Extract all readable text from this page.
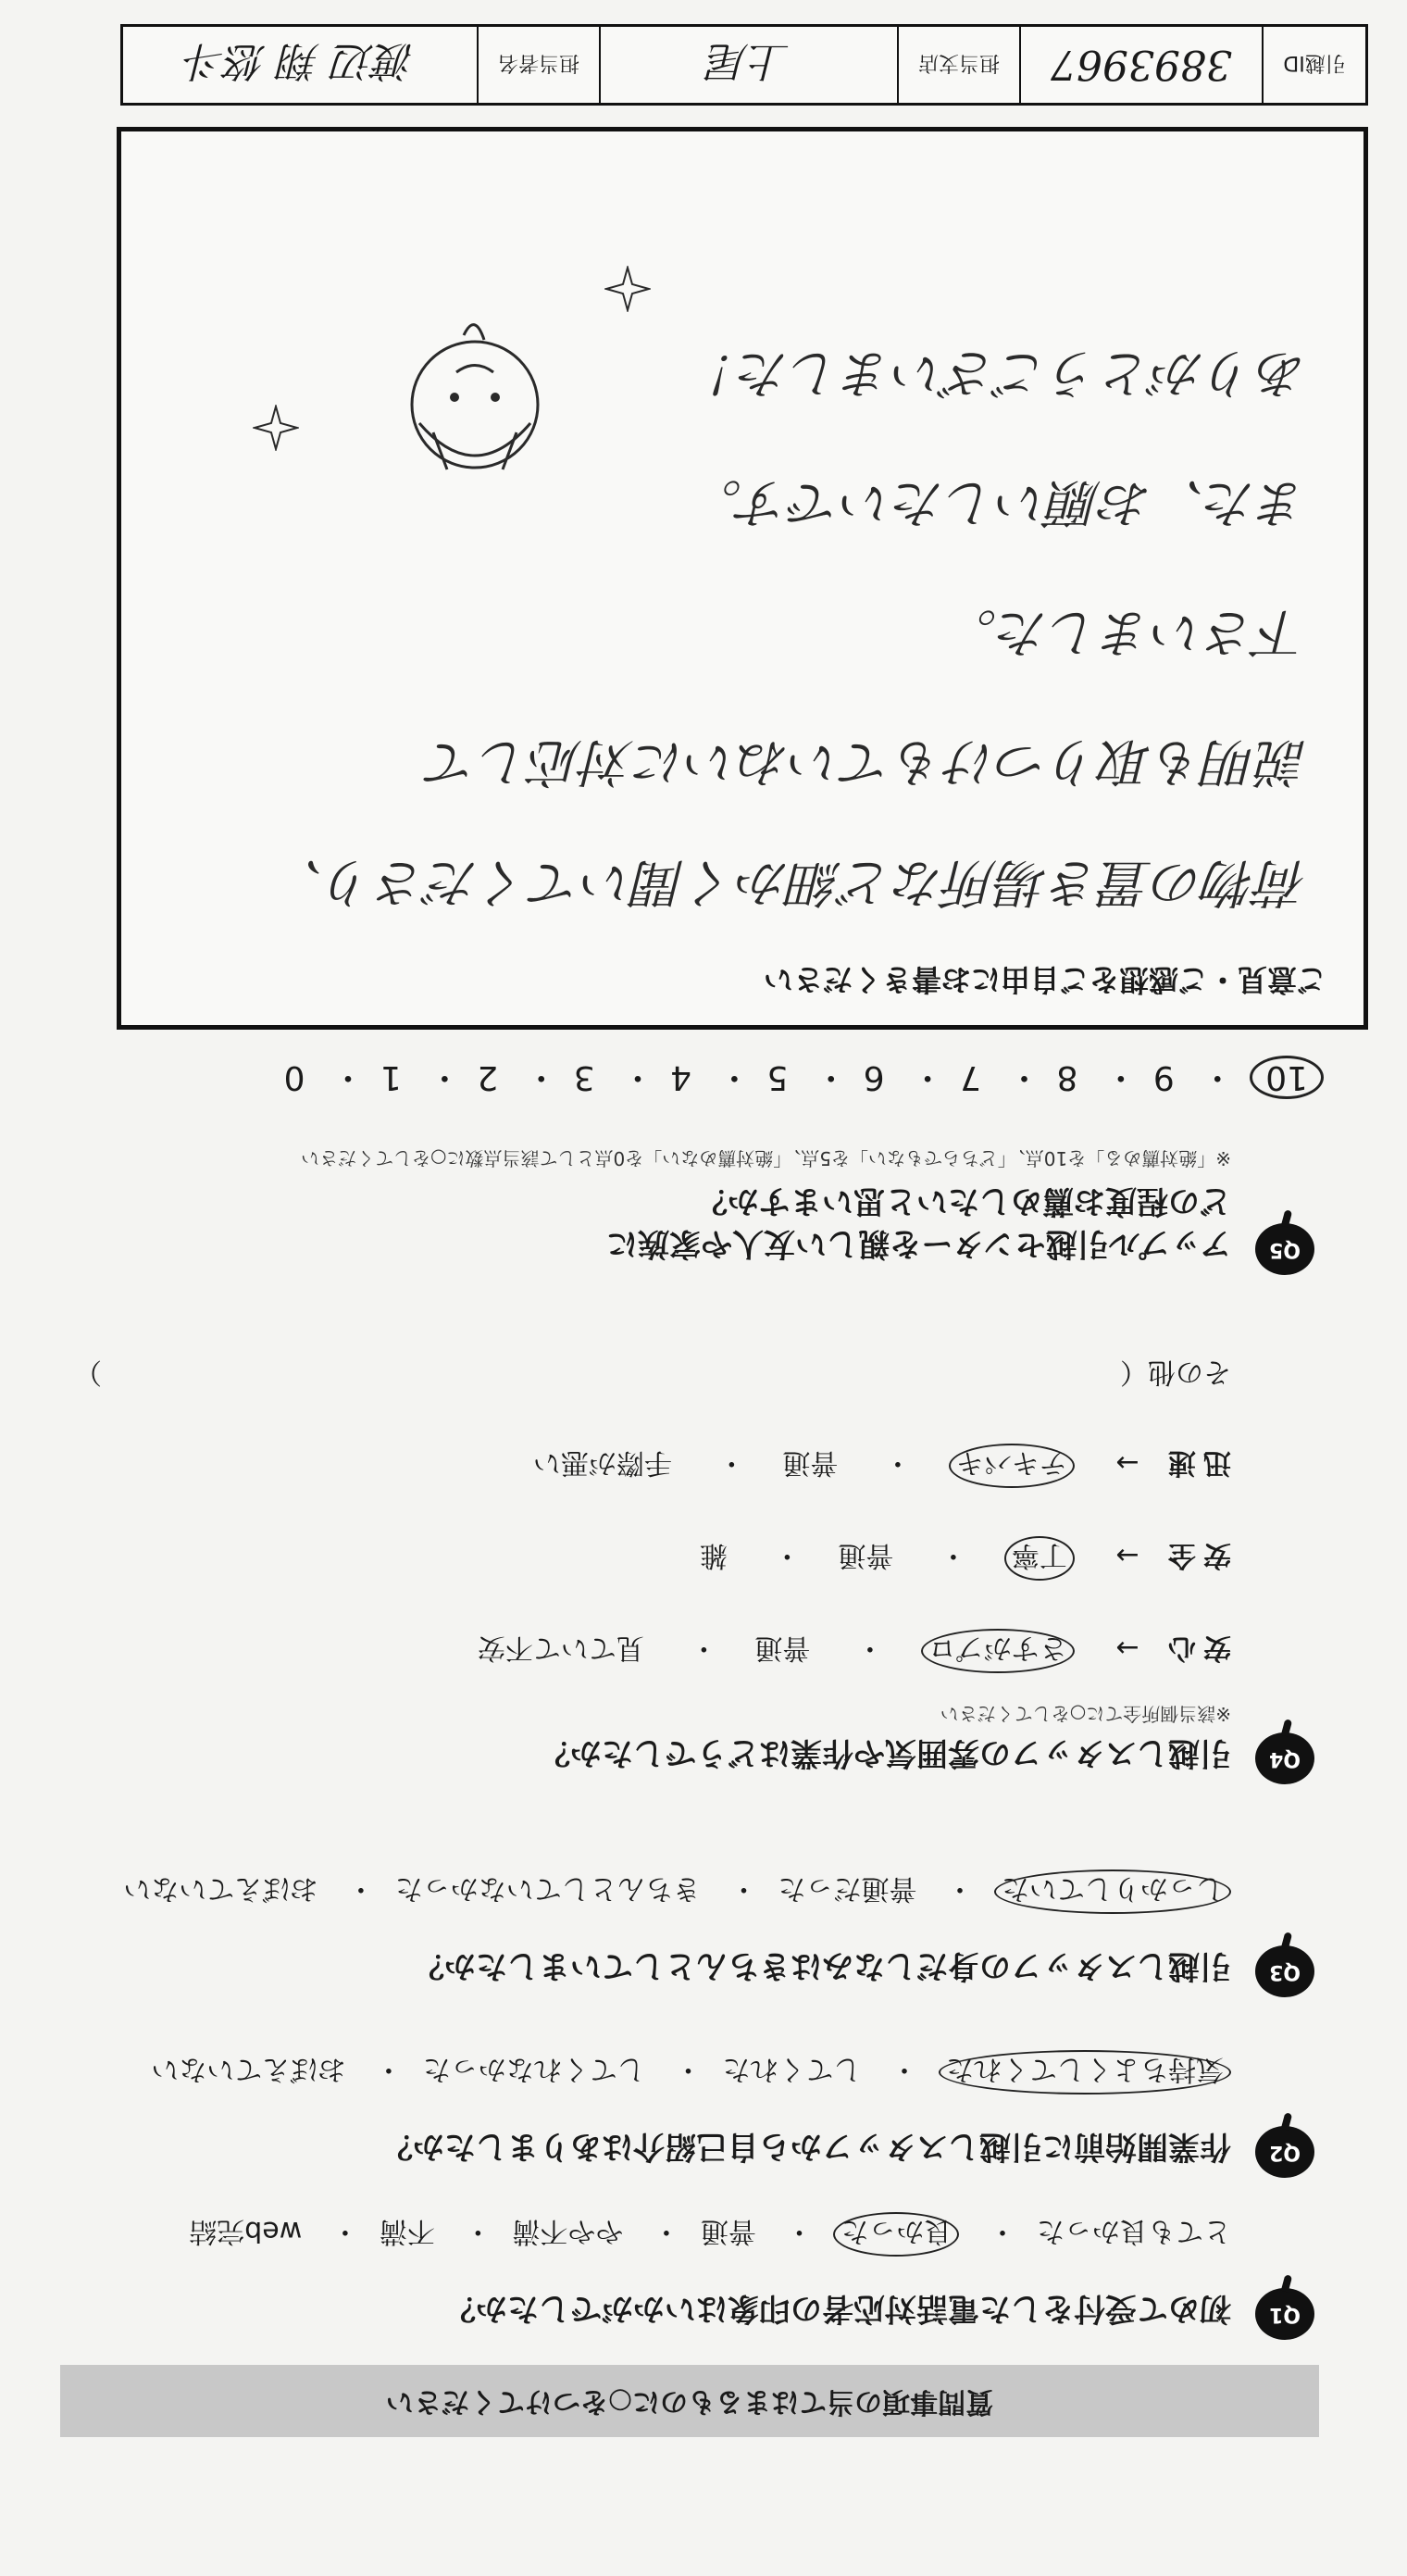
引越ID
3893967
担当支店
上尾
担当者名
渡辺 翔 悠斗
ご意見・ご感想をご自由にお書きください
荷物の置き場所など細かく聞いてくださり、
説明も取りつけもていねいに対応して
下さいました。
また、お願いしたいです。
ありがとうございました！
10・ 9・ 8・ 7・ 6・ 5・ 4・ 3・ 2・ 1・ 0
Q5
アップル引越センターを親しい友人や家族に
どの程度お薦めしたいと思いますか？
※「絶対薦める」を10点、「どちらでもない」を5点、「絶対薦めない」を0点として該当点数に○をしてください
Q4
引越しスタッフの雰囲気や作業はどうでしたか？
※該当個所全てに○をしてください
安心 → さすがプロ・ 普通・ 見ていて不安
安全 → 丁寧・ 普通・ 雑
迅速 → テキパキ・ 普通・ 手際が悪い
その他（
）
Q3
引越しスタッフの身だしなみはきちんとしていましたか？
しっかりしていた・ 普通だった・ きちんとしていなかった・ おぼえていない
Q2
作業開始前に引越しスタッフから自己紹介はありましたか？
気持ちよくしてくれた・ してくれた・ してくれなかった・ おぼえていない
Q1
初めて受付をした電話対応者の印象はいかがでしたか？
とても良かった・ 良かった・ 普通・ やや不満・ 不満・ web完結
質問事項の当てはまるものに○をつけてください
